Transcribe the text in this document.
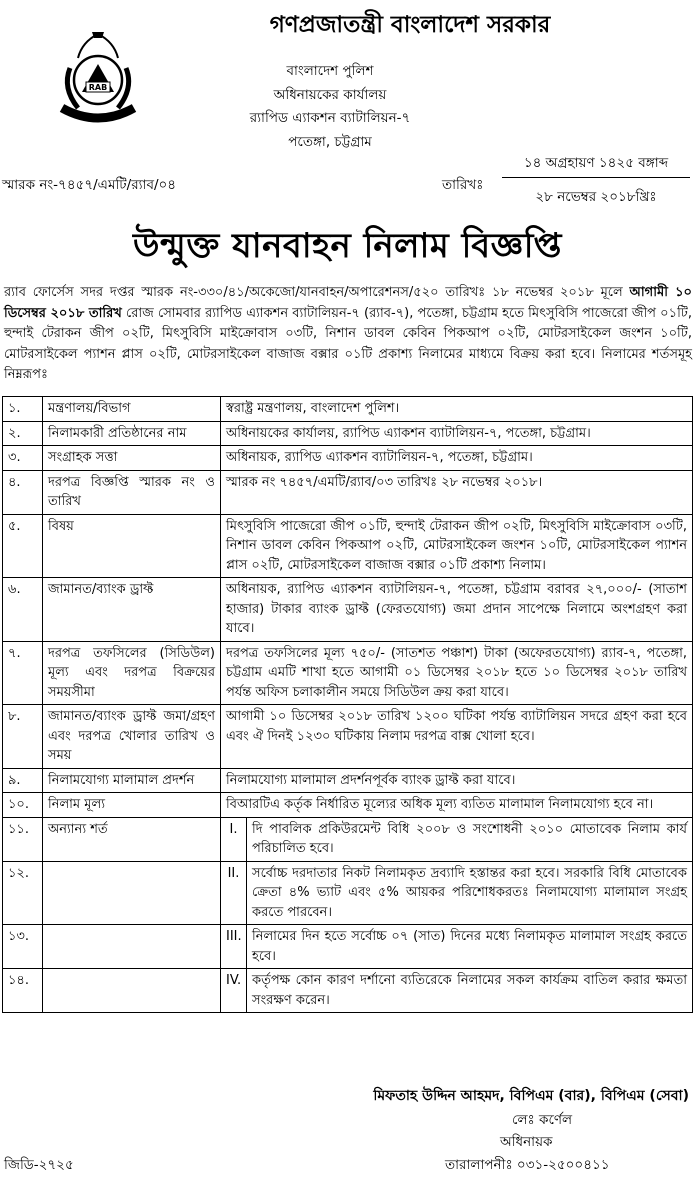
RAB
গণপ্রজাতন্ত্রী বাংলাদেশ সরকার
বাংলাদেশ পুলিশ
অধিনায়কের কার্যালয়
র‍্যাপিড এ্যাকশন ব্যাটালিয়ন-৭
পতেঙ্গা, চট্টগ্রাম
স্মারক নং-৭৪৫৭/এমটি/র‍্যাব/০৪	তারিখঃ
১৪ অগ্রহায়ণ ১৪২৫ বঙ্গাব্দ
২৮ নভেম্বর ২০১৮খ্রিঃ
উন্মুক্ত যানবাহন নিলাম বিজ্ঞপ্তি

র‍্যাব ফোর্সেস সদর দপ্তর স্মারক নং-৩৩০/৪১/অকেজো/যানবাহন/অপারেশনস/৫২০ তারিখঃ ১৮ নভেম্বর ২০১৮ মূলে আগামী ১০ ডিসেম্বর ২০১৮ তারিখ রোজ সোমবার র‍্যাপিড এ্যাকশন ব্যাটালিয়ন-৭ (র‍্যাব-৭), পতেঙ্গা, চট্টগ্রাম হতে মিৎসুবিসি পাজেরো জীপ ০১টি, হুন্দাই টেরাকন জীপ ০২টি, মিৎসুবিসি মাইক্রোবাস ০৩টি, নিশান ডাবল কেবিন পিকআপ ০২টি, মোটরসাইকেল জংশন ১০টি, মোটরসাইকেল প্যাশন প্লাস ০২টি, মোটরসাইকেল বাজাজ বক্সার ০১টি প্রকাশ্য নিলামের মাধ্যমে বিক্রয় করা হবে। নিলামের শর্তসমূহ নিম্নরূপঃ

১.	মন্ত্রণালয়/বিভাগ	স্বরাষ্ট্র মন্ত্রণালয়, বাংলাদেশ পুলিশ।	
২.	নিলামকারী প্রতিষ্ঠানের নাম	অধিনায়কের কার্যালয়, র‍্যাপিড এ্যাকশন ব্যাটালিয়ন-৭, পতেঙ্গা, চট্টগ্রাম।	
৩.	সংগ্রাহক সত্তা	অধিনায়ক, র‍্যাপিড এ্যাকশন ব্যাটালিয়ন-৭, পতেঙ্গা, চট্টগ্রাম।	
৪.	দরপত্র বিজ্ঞপ্তি স্মারক নং ও তারিখ	স্মারক নং ৭৪৫৭/এমটি/র‍্যাব/০৩ তারিখঃ ২৮ নভেম্বর ২০১৮।	
৫.	বিষয়	মিৎসুবিসি পাজেরো জীপ ০১টি, হুন্দাই টেরাকন জীপ ০২টি, মিৎসুবিসি মাইক্রোবাস ০৩টি, নিশান ডাবল কেবিন পিকআপ ০২টি, মোটরসাইকেল জংশন ১০টি, মোটরসাইকেল প্যাশন প্লাস ০২টি, মোটরসাইকেল বাজাজ বক্সার ০১টি প্রকাশ্য নিলাম।	
৬.	জামানত/ব্যাংক ড্রাফ্ট	অধিনায়ক, র‍্যাপিড এ্যাকশন ব্যাটালিয়ন-৭, পতেঙ্গা, চট্টগ্রাম বরাবর ২৭,০০০/- (সাতাশ হাজার) টাকার ব্যাংক ড্রাফ্ট (ফেরতযোগ্য) জমা প্রদান সাপেক্ষে নিলামে অংশগ্রহণ করা যাবে।	
৭.	দরপত্র তফসিলের (সিডিউল) মূল্য এবং দরপত্র বিক্রয়ের সময়সীমা	দরপত্র তফসিলের মূল্য ৭৫০/- (সাতশত পঞ্চাশ) টাকা (অফেরতযোগ্য) র‍্যাব-৭, পতেঙ্গা, চট্টগ্রাম এমটি শাখা হতে আগামী ০১ ডিসেম্বর ২০১৮ হতে ১০ ডিসেম্বর ২০১৮ তারিখ পর্যন্ত অফিস চলাকালীন সময়ে সিডিউল ক্রয় করা যাবে।	
৮.	জামানত/ব্যাংক ড্রাফ্ট জমা/গ্রহণ এবং দরপত্র খোলার তারিখ ও সময়	আগামী ১০ ডিসেম্বর ২০১৮ তারিখ ১২০০ ঘটিকা পর্যন্ত ব্যাটালিয়ন সদরে গ্রহণ করা হবে এবং ঐ দিনই ১২৩০ ঘটিকায় নিলাম দরপত্র বাক্স খোলা হবে।	
৯.	নিলামযোগ্য মালামাল প্রদর্শন	নিলামযোগ্য মালামাল প্রদর্শনপূর্বক ব্যাংক ড্রাফ্ট করা যাবে।	
১০.	নিলাম মূল্য	বিআরটিএ কর্তৃক নির্ধারিত মূল্যের অধিক মূল্য ব্যতিত মালামাল নিলামযোগ্য হবে না।	
১১.	অন্যান্য শর্ত	I.	দি পাবলিক প্রকিউরমেন্ট বিধি ২০০৮ ও সংশোধনী ২০১০ মোতাবেক নিলাম কার্য পরিচালিত হবে।
১২.		II.	সর্বোচ্চ দরদাতার নিকট নিলামকৃত দ্রব্যাদি হস্তান্তর করা হবে। সরকারি বিধি মোতাবেক ক্রেতা ৪% ভ্যাট এবং ৫% আয়কর পরিশোধকরতঃ নিলামযোগ্য মালামাল সংগ্রহ করতে পারবেন।
১৩.		III.	নিলামের দিন হতে সর্বোচ্চ ০৭ (সাত) দিনের মধ্যে নিলামকৃত মালামাল সংগ্রহ করতে হবে।
১৪.		IV.	কর্তৃপক্ষ কোন কারণ দর্শানো ব্যতিরেকে নিলামের সকল কার্যক্রম বাতিল করার ক্ষমতা সংরক্ষণ করেন।
মিফতাহ উদ্দিন আহমদ, বিপিএম (বার), বিপিএম (সেবা)
লেঃ কর্ণেল
অধিনায়ক
জিডি-২৭২৫	তারালাপনীঃ ০৩১-২৫০০৪১১
